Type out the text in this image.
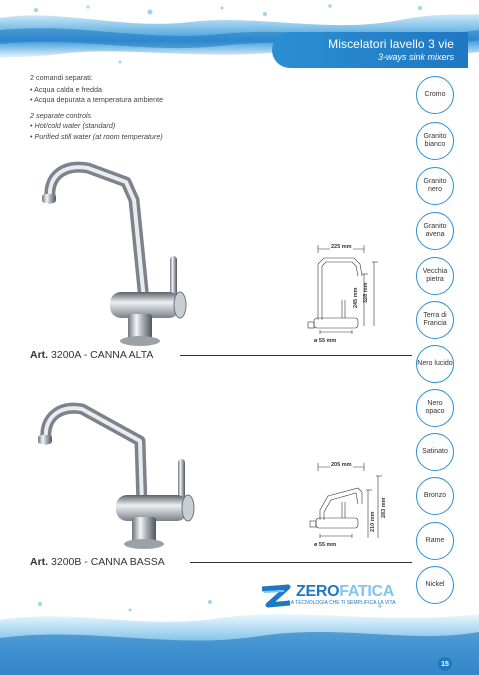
Miscelatori lavello 3 vie
3-ways sink mixers
2 comandi separati:
• Acqua calda e fredda
• Acqua depurata a temperatura ambiente
2 separate controls
• Hot/cold water (standard)
• Purified still water (at room temperature)
Cromo
Granito bianco
Granito nero
Granito avena
Vecchia pietra
Terra di Francia
Nero lucido
Nero opaco
Satinato
Bronzo
Rame
Nickel
225 mm
245 mm 328 mm
ø 55 mm
Art. 3200A - CANNA ALTA
205 mm
210 mm
283 mm
ø 55 mm
Art. 3200B - CANNA BASSA
ZEROFATICA
LA TECNOLOGIA CHE TI SEMPLIFICA LA VITA
15
